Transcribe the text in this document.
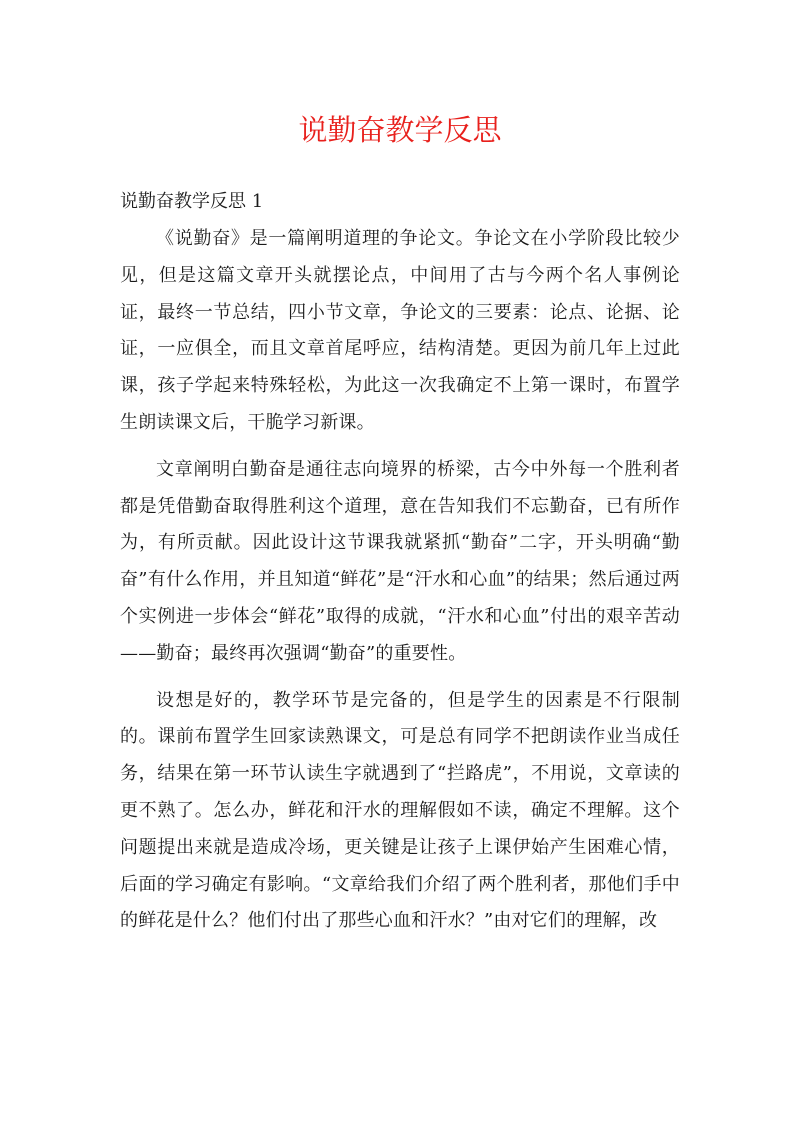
说勤奋教学反思
说勤奋教学反思 1

《说勤奋》是一篇阐明道理的争论文。争论文在小学阶段比较少见，但是这篇文章开头就摆论点，中间用了古与今两个名人事例论证，最终一节总结，四小节文章，争论文的三要素：论点、论据、论证，一应俱全，而且文章首尾呼应，结构清楚。更因为前几年上过此课，孩子学起来特殊轻松，为此这一次我确定不上第一课时，布置学生朗读课文后，干脆学习新课。

文章阐明白勤奋是通往志向境界的桥梁，古今中外每一个胜利者都是凭借勤奋取得胜利这个道理，意在告知我们不忘勤奋，已有所作为，有所贡献。因此设计这节课我就紧抓“勤奋”二字，开头明确“勤奋”有什么作用，并且知道“鲜花”是“汗水和心血”的结果；然后通过两个实例进一步体会“鲜花”取得的成就，“汗水和心血”付出的艰辛苦动——勤奋；最终再次强调“勤奋”的重要性。

设想是好的，教学环节是完备的，但是学生的因素是不行限制的。课前布置学生回家读熟课文，可是总有同学不把朗读作业当成任务，结果在第一环节认读生字就遇到了“拦路虎”，不用说，文章读的更不熟了。怎么办，鲜花和汗水的理解假如不读，确定不理解。这个问题提出来就是造成冷场，更关键是让孩子上课伊始产生困难心情，后面的学习确定有影响。“文章给我们介绍了两个胜利者，那他们手中的鲜花是什么？他们付出了那些心血和汗水？”由对它们的理解，改
